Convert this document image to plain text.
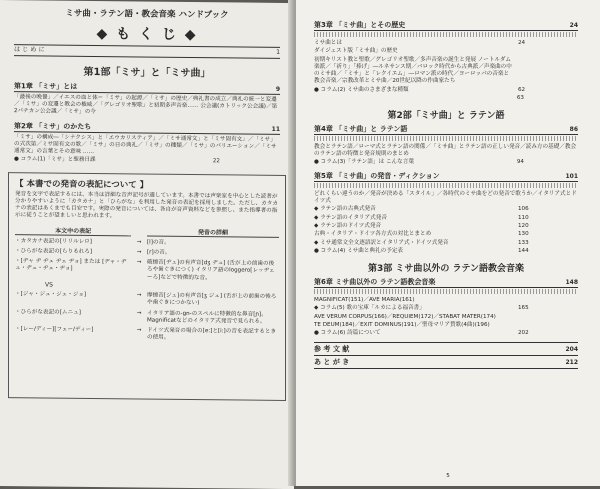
ミサ曲・ラテン語・教会音楽 ハンドブック
◆ も く じ ◆
は じ め に	1
第1部「ミサ」と「ミサ曲」
第1章 「ミサ」とは	9
「最後の晩餐」／イエスの血と体＝「ミサ」の起源／「ミサ」の歴史／典礼書の成立／典礼の統一と変遷／「ミサ」の変遷と教会の権威／「グレゴリオ聖歌」と初期多声音楽…… 公会議(カトリック公会議)／第2バチカン公会議／「ミサ」の今
第2章 「ミサ」のかたち	11
「ミサ」の構成―「シナクシス」と「エウカリスティア」／「ミサ通常文」と「ミサ固有文」／「ミサ」の式次第／ミサ固有文の歌／「ミサ」の日の典礼／「ミサ」の種類／「ミサ」のバリエーション／「ミサ通常文」の言葉とその意味 ……
● コラム(1)「ミサ」と聖務日課	22
【 本書での発音の表記について 】
発音を文字で表記するには、本当は詳細な音声記号が適しています。本書では声楽家を中心とした読者が分かりやすいように「カタカナ」と「ひらがな」を利用した発音の表記を採用しました。ただし、カタカナの表記はあくまでも目安です。実際の発音については、各自が音声資料などを参照し、また指導者の指示に従うことが望ましいと思われます。
本文中の表記	発音の詳細
・カタカナ表記の[リリルレロ]	→ [l]の音。
・ひらがな表記の[らりるれろ]	→ [r]の音。
・[ヂャ ヂ ヂュ ヂェ ヂョ] または [ヂャ・ヂュ・ヂュ・ヂェ・ヂョ]
→ 破擦音[ヂュ]の有声音[dʒ ヂュ] (舌が上の前歯の後ろや歯ぐきにつく) イタリア語のloggero[レッヂェーろ]などで特徴的な音。
VS
・[ジャ・ジュ・ジェ・ジョ]	→ 摩擦音[ジュ]の有声音[ʒ ジュ] (舌が上の前歯の後ろや歯ぐきにつかない)
・ひらがな表記の[ムニュ]	→ イタリア語の-gn-のスペルに特徴的な鼻音[ɲ]。Magnificatなどのイタリア式発音で見られる。
・[レー/ディー][フェー/ディー]	→ ドイツ式発音の場合の[e:]と[i:]の音を表記するときの使用。
第3章 「ミサ曲」とその歴史	24
ミサ曲とは	24
ダイジェスト版「ミサ曲」の歴史
初期キリスト教と聖歌／グレゴリオ聖歌／多声音楽の誕生と発展 ノートルダム楽派／「祈り」「捧げ」―ルネサンス期／バロック時代から古典派／声楽曲の中のミサ曲／「ミサ」と「レクイエム」―ロマン派の時代／ヨーロッパの音楽と教会音楽／宗教改革とミサ曲／20世紀以降の作曲家たち
● コラム(2) ミサ曲のさまざまな種類	62
63
第2部「ミサ曲」と ラテン語
第4章 「ミサ曲」と ラテン語	86
教会とラテン語／ローマ式とラテン語の関係／「ミサ曲」とラテン語の正しい発音／読み方の基礎／教会のラテン語の特徴と発音規則のまとめ
● コラム(3)「ラテン語」は こんな言葉	94
第5章 「ミサ曲」の発音・ディクション	101
どれくらい違うのか／発音が決める「スタイル」／各時代のミサ曲をどの発音で歌うか／イタリア式とドイツ式
◆ ラテン語の古典式発音	106
◆ ラテン語のイタリア式発音	110
◆ ラテン語のドイツ式発音	120
古典・イタリア・ドイツ各方式の対比とまとめ	130
◆ ミサ通常文全文逐語訳とイタリア式・ドイツ式発音	133
● コラム(4) ミサ曲と典礼の予定表	144
第3部 ミサ曲以外の ラテン語教会音楽
第6章 ミサ曲以外の ラテン語教会音楽	148
MAGNIFICAT(151)／AVE MARIA(161)
◆ コラム(5) 歌の宝庫「ルカによる福音書」	165
AVE VERUM CORPUS(166)／REQUIEM(172)／STABAT MATER(174)
TE DEUM(184)／EXIT DOMINUS(191)／聖母マリア賛歌(4曲)(196)
● コラム(6) 詩篇について	202
参 考 文 献	204
あ と が き	212
5
